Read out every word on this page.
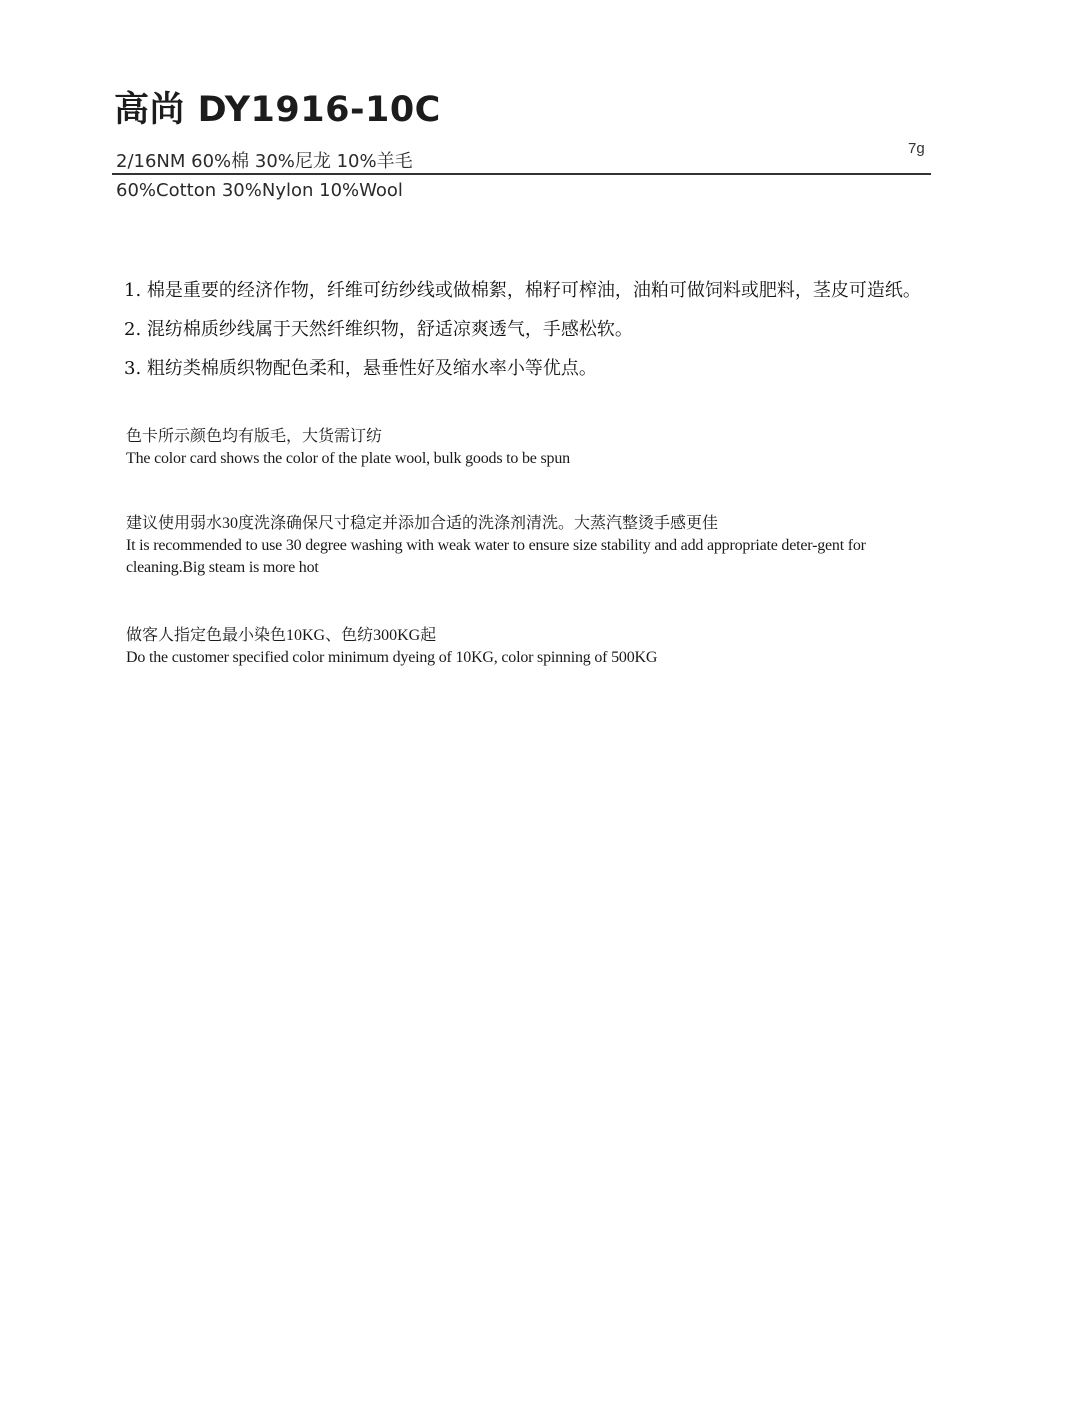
高尚 DY1916-10C
7g
2/16NM 60%棉 30%尼龙 10%羊毛
60%Cotton 30%Nylon 10%Wool
1. 棉是重要的经济作物，纤维可纺纱线或做棉絮，棉籽可榨油，油粕可做饲料或肥料，茎皮可造纸。
2. 混纺棉质纱线属于天然纤维织物，舒适凉爽透气，手感松软。
3. 粗纺类棉质织物配色柔和，悬垂性好及缩水率小等优点。
色卡所示颜色均有版毛，大货需订纺
The color card shows the color of the plate wool, bulk goods to be spun
建议使用弱水30度洗涤确保尺寸稳定并添加合适的洗涤剂清洗。大蒸汽整烫手感更佳
It is recommended to use 30 degree washing with weak water to ensure size stability and add appropriate deter-gent for cleaning.Big steam is more hot
做客人指定色最小染色10KG、色纺300KG起
Do the customer specified color minimum dyeing of 10KG, color spinning of 500KG
